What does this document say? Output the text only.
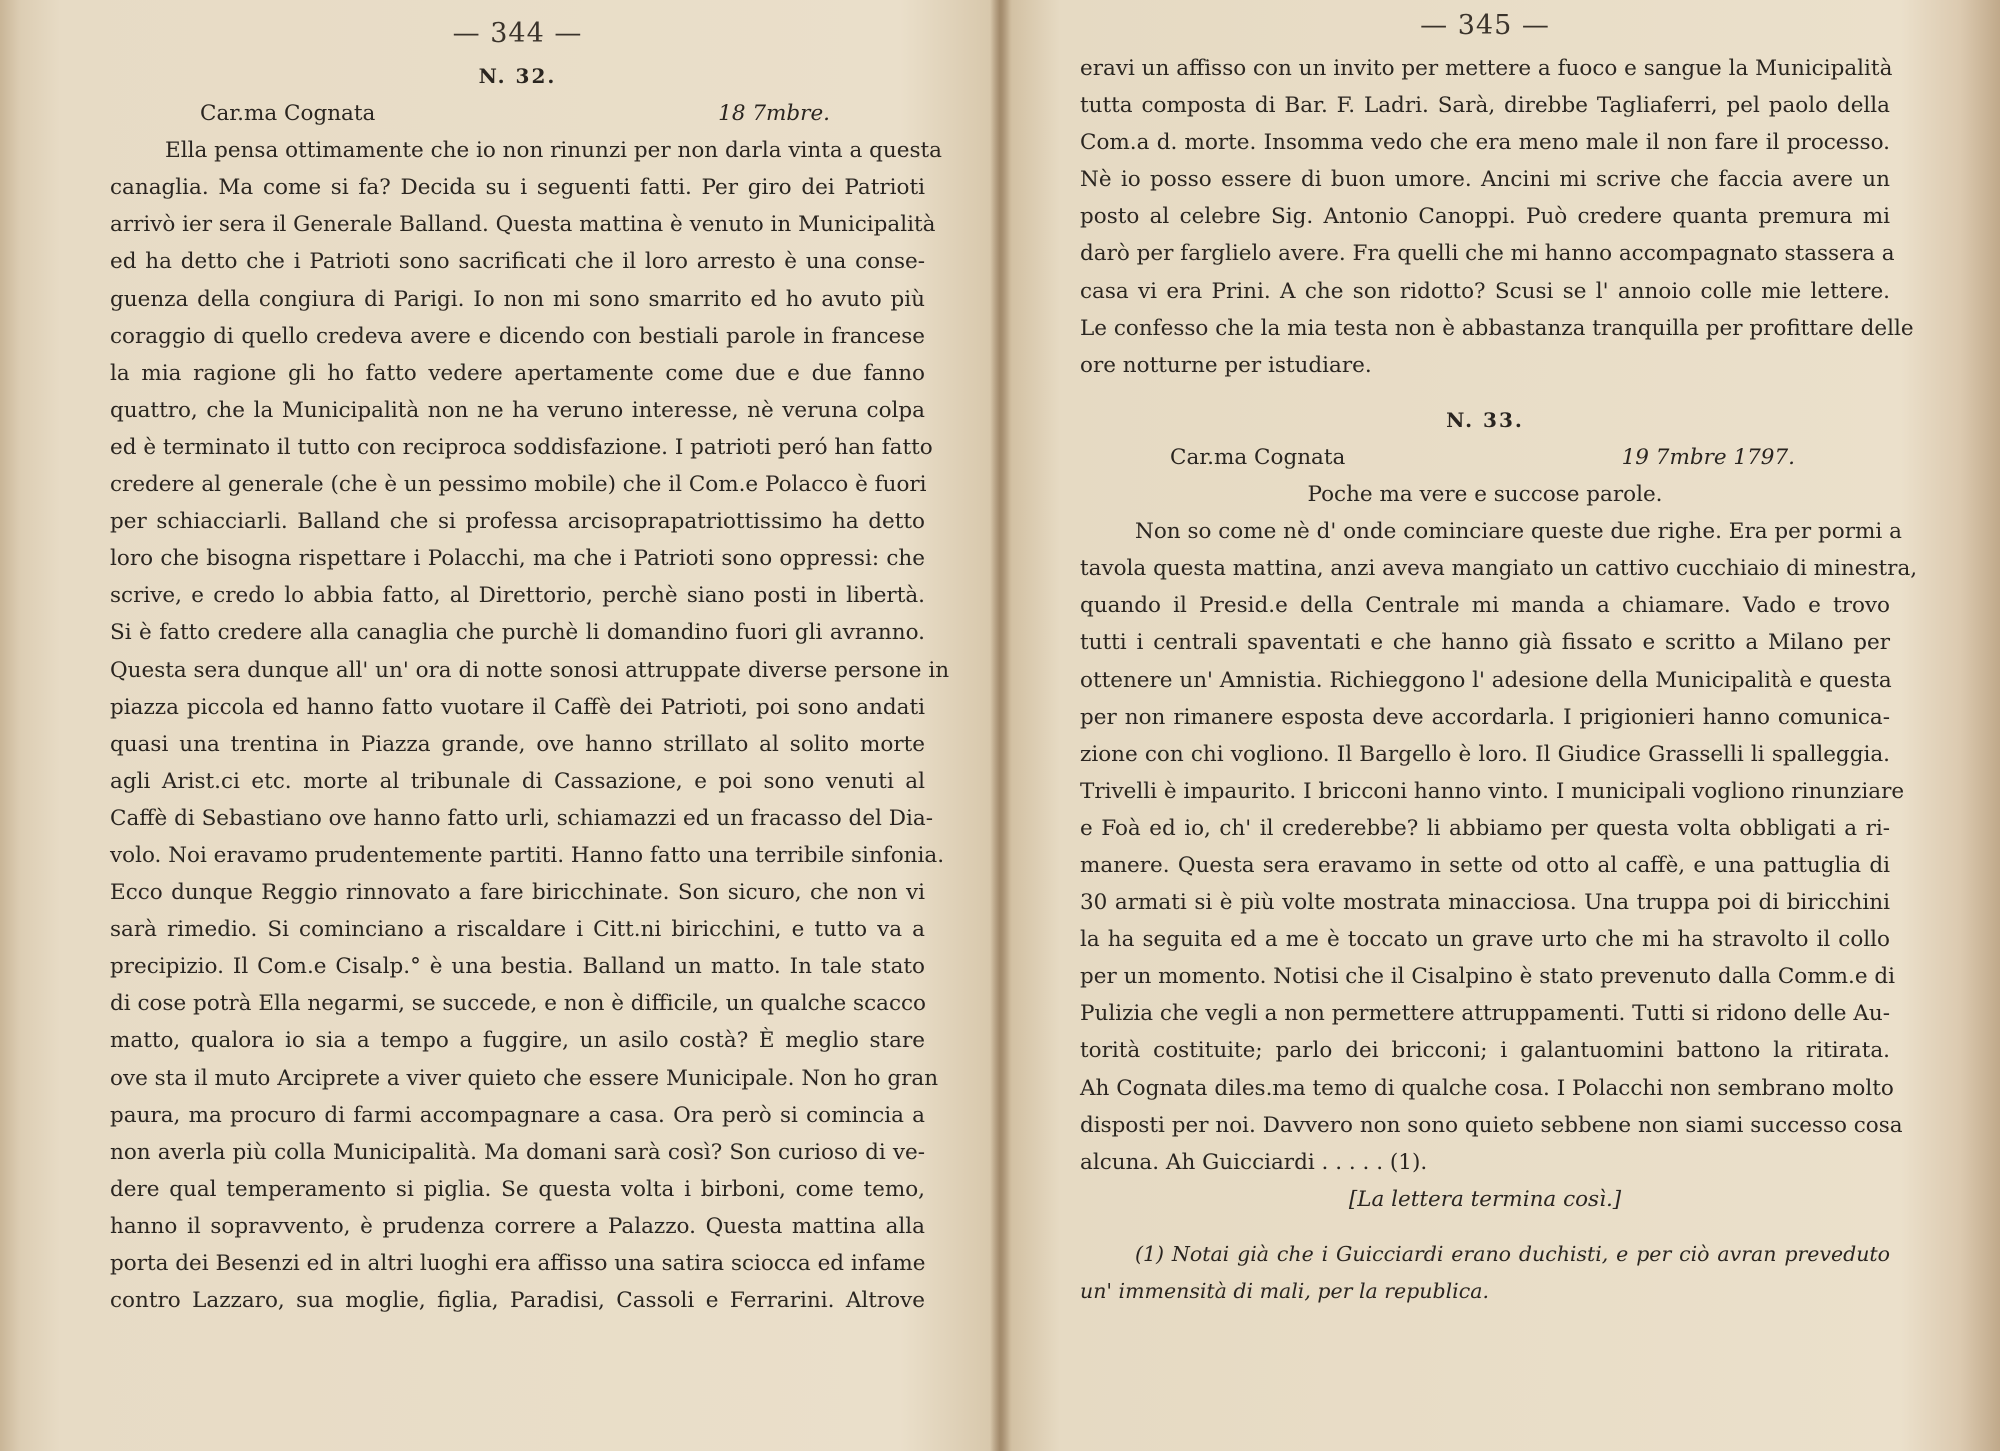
— 344 —
N. 32.
Car.ma Cognata	18 7mbre.
Ella pensa ottimamente che io non rinunzi per non darla vinta a questa
canaglia. Ma come si fa? Decida su i seguenti fatti. Per giro dei Patrioti
arrivò ier sera il Generale Balland. Questa mattina è venuto in Municipalità
ed ha detto che i Patrioti sono sacrificati che il loro arresto è una conse-
guenza della congiura di Parigi. Io non mi sono smarrito ed ho avuto più
coraggio di quello credeva avere e dicendo con bestiali parole in francese
la mia ragione gli ho fatto vedere apertamente come due e due fanno
quattro, che la Municipalità non ne ha veruno interesse, nè veruna colpa
ed è terminato il tutto con reciproca soddisfazione. I patrioti peró han fatto
credere al generale (che è un pessimo mobile) che il Com.e Polacco è fuori
per schiacciarli. Balland che si professa arcisoprapatriottissimo ha detto
loro che bisogna rispettare i Polacchi, ma che i Patrioti sono oppressi: che
scrive, e credo lo abbia fatto, al Direttorio, perchè siano posti in libertà.
Si è fatto credere alla canaglia che purchè li domandino fuori gli avranno.
Questa sera dunque all' un' ora di notte sonosi attruppate diverse persone in
piazza piccola ed hanno fatto vuotare il Caffè dei Patrioti, poi sono andati
quasi una trentina in Piazza grande, ove hanno strillato al solito morte
agli Arist.ci etc. morte al tribunale di Cassazione, e poi sono venuti al
Caffè di Sebastiano ove hanno fatto urli, schiamazzi ed un fracasso del Dia-
volo. Noi eravamo prudentemente partiti. Hanno fatto una terribile sinfonia.
Ecco dunque Reggio rinnovato a fare biricchinate. Son sicuro, che non vi
sarà rimedio. Si cominciano a riscaldare i Citt.ni biricchini, e tutto va a
precipizio. Il Com.e Cisalp.° è una bestia. Balland un matto. In tale stato
di cose potrà Ella negarmi, se succede, e non è difficile, un qualche scacco
matto, qualora io sia a tempo a fuggire, un asilo costà? È meglio stare
ove sta il muto Arciprete a viver quieto che essere Municipale. Non ho gran
paura, ma procuro di farmi accompagnare a casa. Ora però si comincia a
non averla più colla Municipalità. Ma domani sarà così? Son curioso di ve-
dere qual temperamento si piglia. Se questa volta i birboni, come temo,
hanno il sopravvento, è prudenza correre a Palazzo. Questa mattina alla
porta dei Besenzi ed in altri luoghi era affisso una satira sciocca ed infame
contro Lazzaro, sua moglie, figlia, Paradisi, Cassoli e Ferrarini. Altrove
— 345 —
eravi un affisso con un invito per mettere a fuoco e sangue la Municipalità
tutta composta di Bar. F. Ladri. Sarà, direbbe Tagliaferri, pel paolo della
Com.a d. morte. Insomma vedo che era meno male il non fare il processo.
Nè io posso essere di buon umore. Ancini mi scrive che faccia avere un
posto al celebre Sig. Antonio Canoppi. Può credere quanta premura mi
darò per farglielo avere. Fra quelli che mi hanno accompagnato stassera a
casa vi era Prini. A che son ridotto? Scusi se l' annoio colle mie lettere.
Le confesso che la mia testa non è abbastanza tranquilla per profittare delle
ore notturne per istudiare.
N. 33.
Car.ma Cognata	19 7mbre 1797.
Poche ma vere e succose parole.
Non so come nè d' onde cominciare queste due righe. Era per pormi a
tavola questa mattina, anzi aveva mangiato un cattivo cucchiaio di minestra,
quando il Presid.e della Centrale mi manda a chiamare. Vado e trovo
tutti i centrali spaventati e che hanno già fissato e scritto a Milano per
ottenere un' Amnistia. Richieggono l' adesione della Municipalità e questa
per non rimanere esposta deve accordarla. I prigionieri hanno comunica-
zione con chi vogliono. Il Bargello è loro. Il Giudice Grasselli li spalleggia.
Trivelli è impaurito. I bricconi hanno vinto. I municipali vogliono rinunziare
e Foà ed io, ch' il crederebbe? li abbiamo per questa volta obbligati a ri-
manere. Questa sera eravamo in sette od otto al caffè, e una pattuglia di
30 armati si è più volte mostrata minacciosa. Una truppa poi di biricchini
la ha seguita ed a me è toccato un grave urto che mi ha stravolto il collo
per un momento. Notisi che il Cisalpino è stato prevenuto dalla Comm.e di
Pulizia che vegli a non permettere attruppamenti. Tutti si ridono delle Au-
torità costituite; parlo dei bricconi; i galantuomini battono la ritirata.
Ah Cognata diles.ma temo di qualche cosa. I Polacchi non sembrano molto
disposti per noi. Davvero non sono quieto sebbene non siami successo cosa
alcuna. Ah Guicciardi . . . . . (1).
[La lettera termina così.]
(1) Notai già che i Guicciardi erano duchisti, e per ciò avran preveduto
un' immensità di mali, per la republica.
